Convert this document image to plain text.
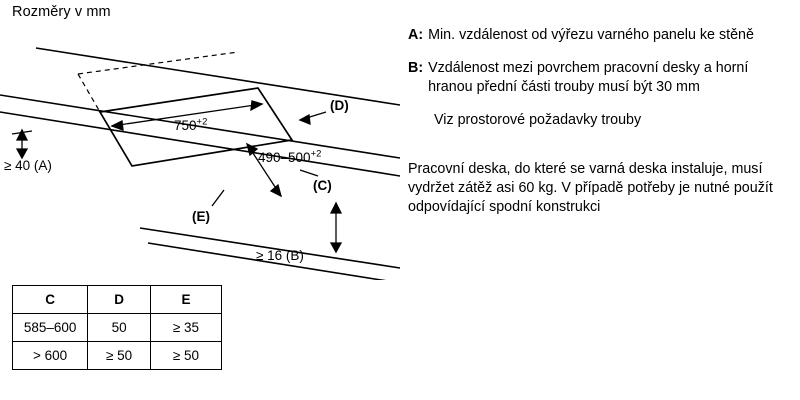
Rozměry v mm
$750^{+2}$
$490-500^{+2}$
≥ 40 (A)
(D)
(C)
(E)
≥ 16 (B)
C	D	E
585–600	50	≥ 35
> 600	≥ 50	≥ 50
A: Min. vzdálenost od výřezu varného panelu ke stěně
B: Vzdálenost mezi povrchem pracovní desky a horní hranou přední části trouby musí být 30 mm
Viz prostorové požadavky trouby
Pracovní deska, do které se varná deska instaluje, musí vydržet zátěž asi 60 kg. V případě potřeby je nutné použít odpovídající spodní konstrukci
